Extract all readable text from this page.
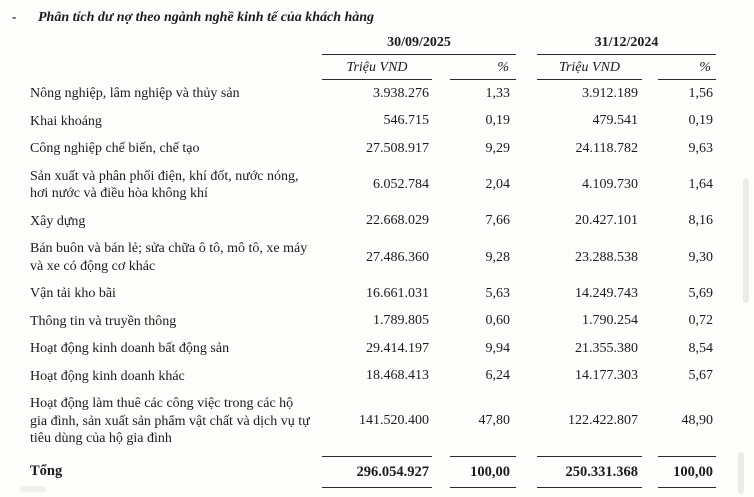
-	Phân tích dư nợ theo ngành nghề kinh tế của khách hàng

	30/09/2025		31/12/2024	

	Triệu VND	%	Triệu VND	%

Nông nghiệp, lâm nghiệp và thủy sản	3.938.276	1,33	3.912.189	1,56
Khai khoáng	546.715	0,19	479.541	0,19
Công nghiệp chế biến, chế tạo	27.508.917	9,29	24.118.782	9,63
Sản xuất và phân phối điện, khí đốt, nước nóng, hơi nước và điều hòa không khí	6.052.784	2,04	4.109.730	1,64
Xây dựng	22.668.029	7,66	20.427.101	8,16
Bán buôn và bán lẻ; sửa chữa ô tô, mô tô, xe máy và xe có động cơ khác	27.486.360	9,28	23.288.538	9,30
Vận tải kho bãi	16.661.031	5,63	14.249.743	5,69
Thông tin và truyền thông	1.789.805	0,60	1.790.254	0,72
Hoạt động kinh doanh bất động sản	29.414.197	9,94	21.355.380	8,54
Hoạt động kinh doanh khác	18.468.413	6,24	14.177.303	5,67
Hoạt động làm thuê các công việc trong các hộ gia đình, sản xuất sản phẩm vật chất và dịch vụ tự tiêu dùng của hộ gia đình	141.520.400	47,80	122.422.807	48,90
Tổng	296.054.927	100,00	250.331.368	100,00
